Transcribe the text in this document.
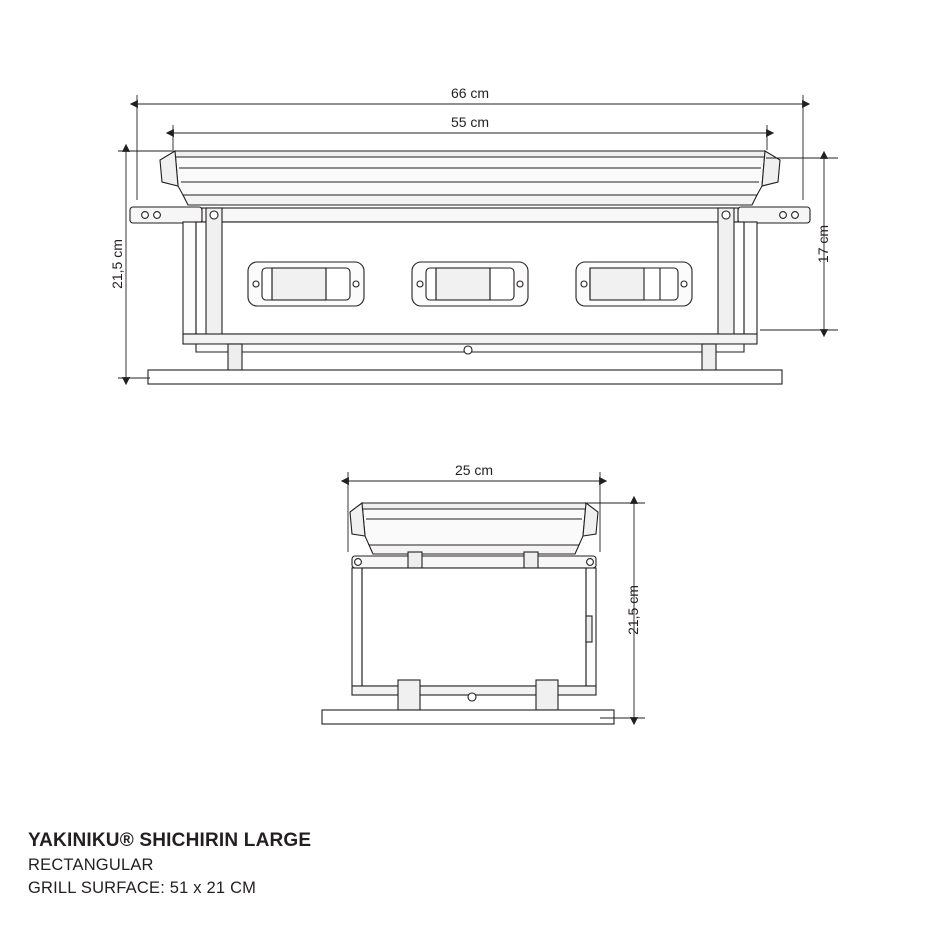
66 cm
55 cm
21,5 cm	17 cm
25 cm
21,5 cm
YAKINIKU® SHICHIRIN LARGE
RECTANGULAR
GRILL SURFACE: 51 x 21 CM
